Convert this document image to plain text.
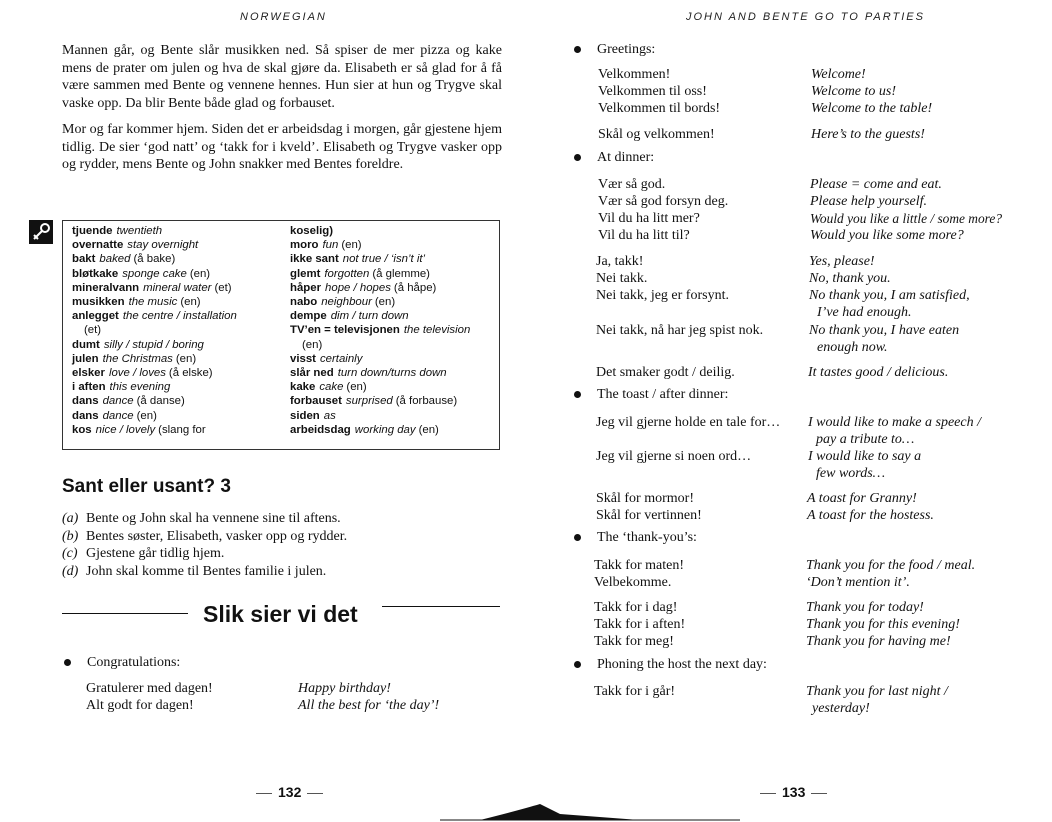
NORWEGIAN
Mannen går, og Bente slår musikken ned. Så spiser de mer pizza og kake mens de prater om julen og hva de skal gjøre da. Elisabeth er så glad for å få være sammen med Bente og vennene hennes. Hun sier at hun og Trygve skal vaske opp. Da blir Bente både glad og forbauset.
Mor og far kommer hjem. Siden det er arbeidsdag i morgen, går gjestene hjem tidlig. De sier ‘god natt’ og ‘takk for i kveld’. Elisabeth og Trygve vasker opp og rydder, mens Bente og John snakker med Bentes foreldre.
tjuende twentieth
overnatte stay overnight
bakt baked (å bake)
bløtkake sponge cake (en)
mineralvann mineral water (et)
musikken the music (en)
anlegget the centre / installation
(et)
dumt silly / stupid / boring
julen the Christmas (en)
elsker love / loves (å elske)
i aften this evening
dans dance (å danse)
dans dance (en)
kos nice / lovely (slang for
koselig)
moro fun (en)
ikke sant not true / ‘isn’t it’
glemt forgotten (å glemme)
håper hope / hopes (å håpe)
nabo neighbour (en)
dempe dim / turn down
TV’en = televisjonen the television
(en)
visst certainly
slår ned turn down/turns down
kake cake (en)
forbauset surprised (å forbause)
siden as
arbeidsdag working day (en)
Sant eller usant? 3
(a) Bente og John skal ha vennene sine til aftens.
(b) Bentes søster, Elisabeth, vasker opp og rydder.
(c) Gjestene går tidlig hjem.
(d) John skal komme til Bentes familie i julen.
Slik sier vi det
Congratulations:
Gratulerer med dagen!	Happy birthday!
Alt godt for dagen!	All the best for ‘the day’!
132
JOHN AND BENTE GO TO PARTIES
Greetings:
At dinner:
The toast / after dinner:
The ‘thank-you’s:
Phoning the host the next day:
Velkommen!
Velkommen til oss!
Velkommen til bords!
Skål og velkommen!
Vær så god.
Vær så god forsyn deg.
Vil du ha litt mer?
Vil du ha litt til?
Ja, takk!
Nei takk.
Nei takk, jeg er forsynt.
Nei takk, nå har jeg spist nok.
Det smaker godt / deilig.
Jeg vil gjerne holde en tale for…
Jeg vil gjerne si noen ord…
Skål for mormor!
Skål for vertinnen!
Takk for maten!
Velbekomme.
Takk for i dag!
Takk for i aften!
Takk for meg!
Takk for i går!
Welcome!
Welcome to us!
Welcome to the table!
Here’s to the guests!
Please = come and eat.
Please help yourself.
Would you like a little / some more?
Would you like some more?
Yes, please!
No, thank you.
No thank you, I am satisfied,
I’ve had enough.
No thank you, I have eaten
enough now.
It tastes good / delicious.
I would like to make a speech /
pay a tribute to…
I would like to say a
few words…
A toast for Granny!
A toast for the hostess.
Thank you for the food / meal.
‘Don’t mention it’.
Thank you for today!
Thank you for this evening!
Thank you for having me!
Thank you for last night /
yesterday!
133
